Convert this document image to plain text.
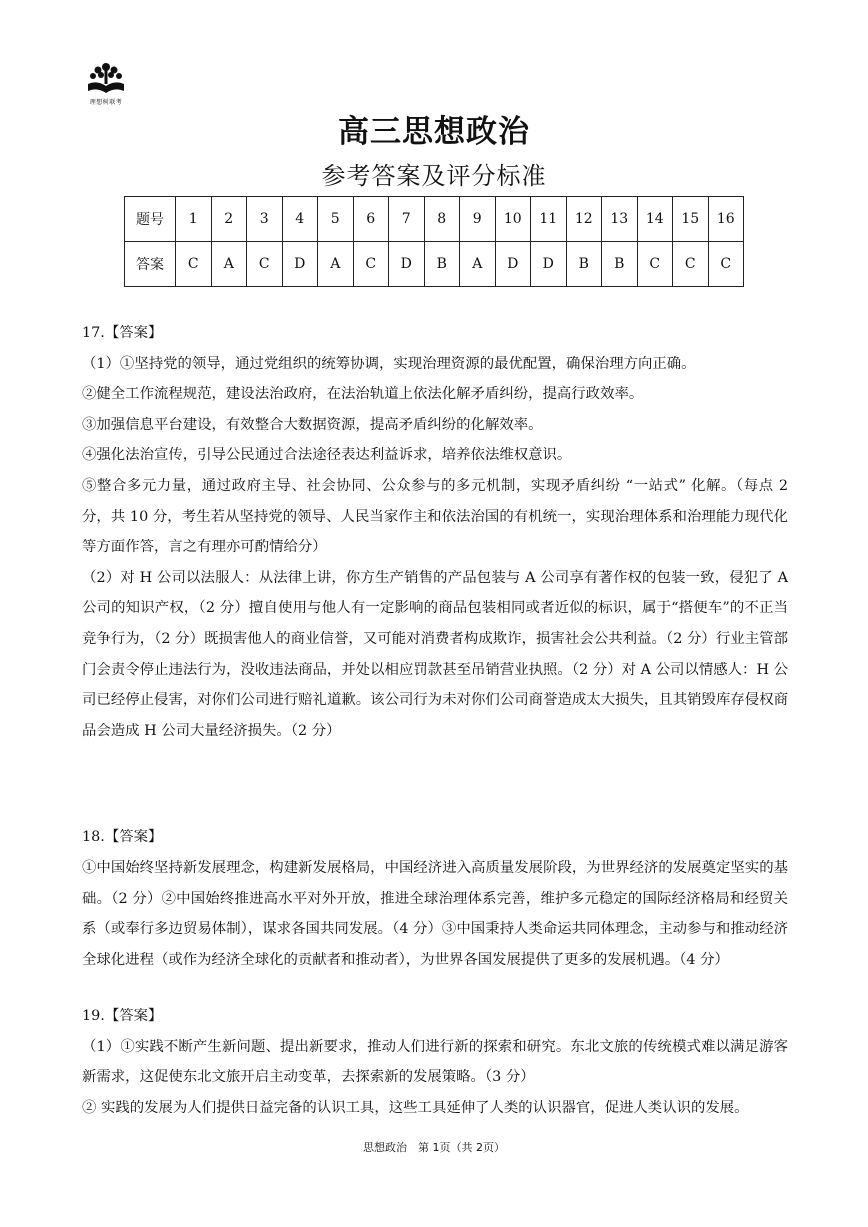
理想树联考
高三思想政治
参考答案及评分标准
题号	1	2	3	4	5	6	7	8	9	10	11	12	13	14	15	16
答案	C	A	C	D	A	C	D	B	A	D	D	B	B	C	C	C

17.【答案】

（1）①坚持党的领导，通过党组织的统筹协调，实现治理资源的最优配置，确保治理方向正确。

②健全工作流程规范，建设法治政府，在法治轨道上依法化解矛盾纠纷，提高行政效率。

③加强信息平台建设，有效整合大数据资源，提高矛盾纠纷的化解效率。

④强化法治宣传，引导公民通过合法途径表达利益诉求，培养依法维权意识。

⑤整合多元力量，通过政府主导、社会协同、公众参与的多元机制，实现矛盾纠纷 “一站式” 化解。（每点 2 分，共 10 分，考生若从坚持党的领导、人民当家作主和依法治国的有机统一，实现治理体系和治理能力现代化等方面作答，言之有理亦可酌情给分）

（2）对 H 公司以法服人：从法律上讲，你方生产销售的产品包装与 A 公司享有著作权的包装一致，侵犯了 A 公司的知识产权，（2 分）擅自使用与他人有一定影响的商品包装相同或者近似的标识，属于“搭便车”的不正当竞争行为，（2 分）既损害他人的商业信誉，又可能对消费者构成欺诈，损害社会公共利益。（2 分）行业主管部门会责令停止违法行为，没收违法商品，并处以相应罚款甚至吊销营业执照。（2 分）对 A 公司以情感人：H 公司已经停止侵害，对你们公司进行赔礼道歉。该公司行为未对你们公司商誉造成太大损失，且其销毁库存侵权商品会造成 H 公司大量经济损失。（2 分）

18.【答案】

①中国始终坚持新发展理念，构建新发展格局，中国经济进入高质量发展阶段，为世界经济的发展奠定坚实的基础。（2 分）②中国始终推进高水平对外开放，推进全球治理体系完善，维护多元稳定的国际经济格局和经贸关系（或奉行多边贸易体制），谋求各国共同发展。（4 分）③中国秉持人类命运共同体理念，主动参与和推动经济全球化进程（或作为经济全球化的贡献者和推动者），为世界各国发展提供了更多的发展机遇。（4 分）

19.【答案】

（1）①实践不断产生新问题、提出新要求，推动人们进行新的探索和研究。东北文旅的传统模式难以满足游客新需求，这促使东北文旅开启主动变革，去探索新的发展策略。（3 分）

② 实践的发展为人们提供日益完备的认识工具，这些工具延伸了人类的认识器官，促进人类认识的发展。

思想政治　第 1页（共 2页）
